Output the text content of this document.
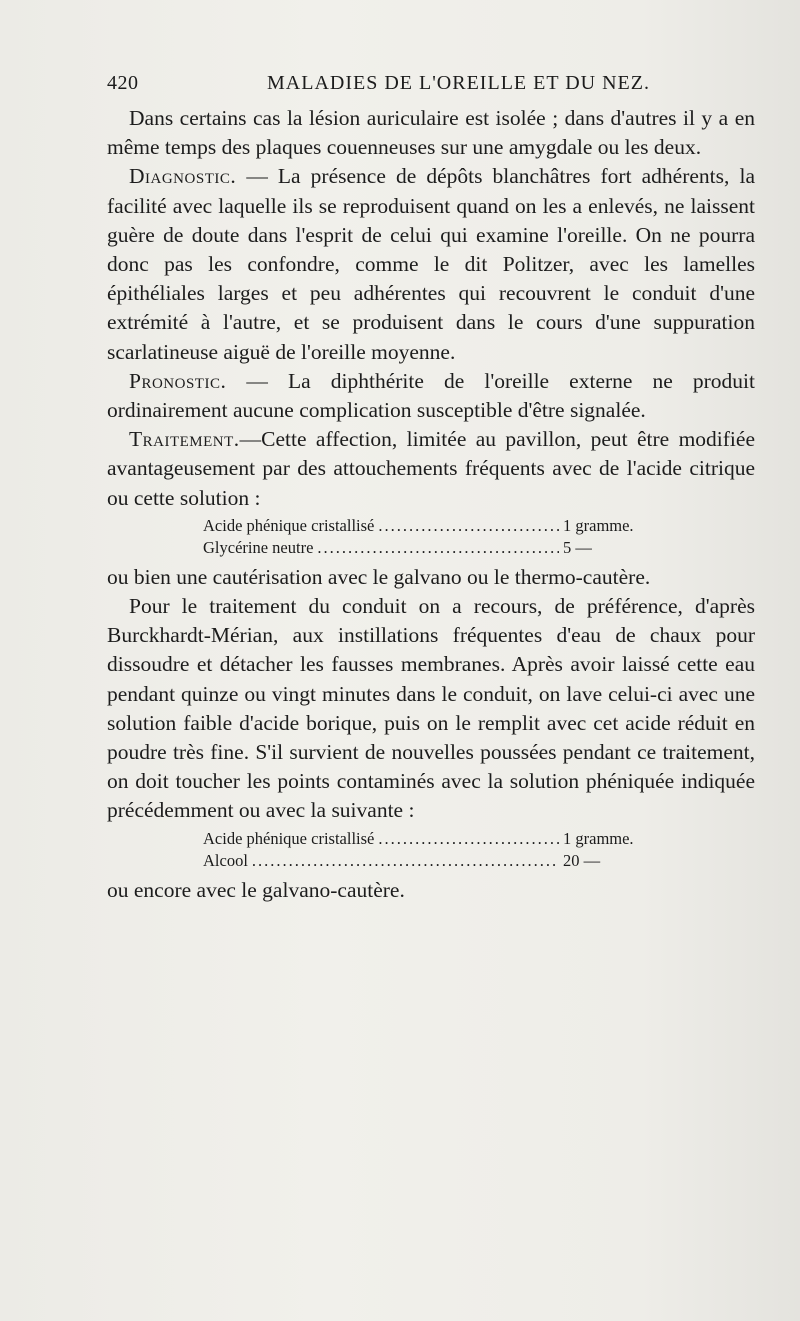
420	MALADIES DE L'OREILLE ET DU NEZ.

Dans certains cas la lésion auriculaire est isolée ; dans d'autres il y a en même temps des plaques couenneuses sur une amygdale ou les deux.

Diagnostic. — La présence de dépôts blanchâtres fort adhérents, la facilité avec laquelle ils se reproduisent quand on les a enlevés, ne laissent guère de doute dans l'esprit de celui qui examine l'oreille. On ne pourra donc pas les confondre, comme le dit Politzer, avec les lamelles épithéliales larges et peu adhérentes qui recouvrent le conduit d'une extrémité à l'autre, et se produisent dans le cours d'une suppuration scarlatineuse aiguë de l'oreille moyenne.

Pronostic. — La diphthérite de l'oreille externe ne produit ordinairement aucune complication susceptible d'être signalée.

Traitement.—Cette affection, limitée au pavillon, peut être modifiée avantageusement par des attouchements fréquents avec de l'acide citrique ou cette solution :

Acide phénique cristallisé .....	1 gramme.
Glycérine neutre .....	5 —

ou bien une cautérisation avec le galvano ou le thermo-cautère.

Pour le traitement du conduit on a recours, de préférence, d'après Burckhardt-Mérian, aux instillations fréquentes d'eau de chaux pour dissoudre et détacher les fausses membranes. Après avoir laissé cette eau pendant quinze ou vingt minutes dans le conduit, on lave celui-ci avec une solution faible d'acide borique, puis on le remplit avec cet acide réduit en poudre très fine. S'il survient de nouvelles poussées pendant ce traitement, on doit toucher les points contaminés avec la solution phéniquée indiquée précédemment ou avec la suivante :

Acide phénique cristallisé .....	1 gramme.
Alcool .....	20 —

ou encore avec le galvano-cautère.
